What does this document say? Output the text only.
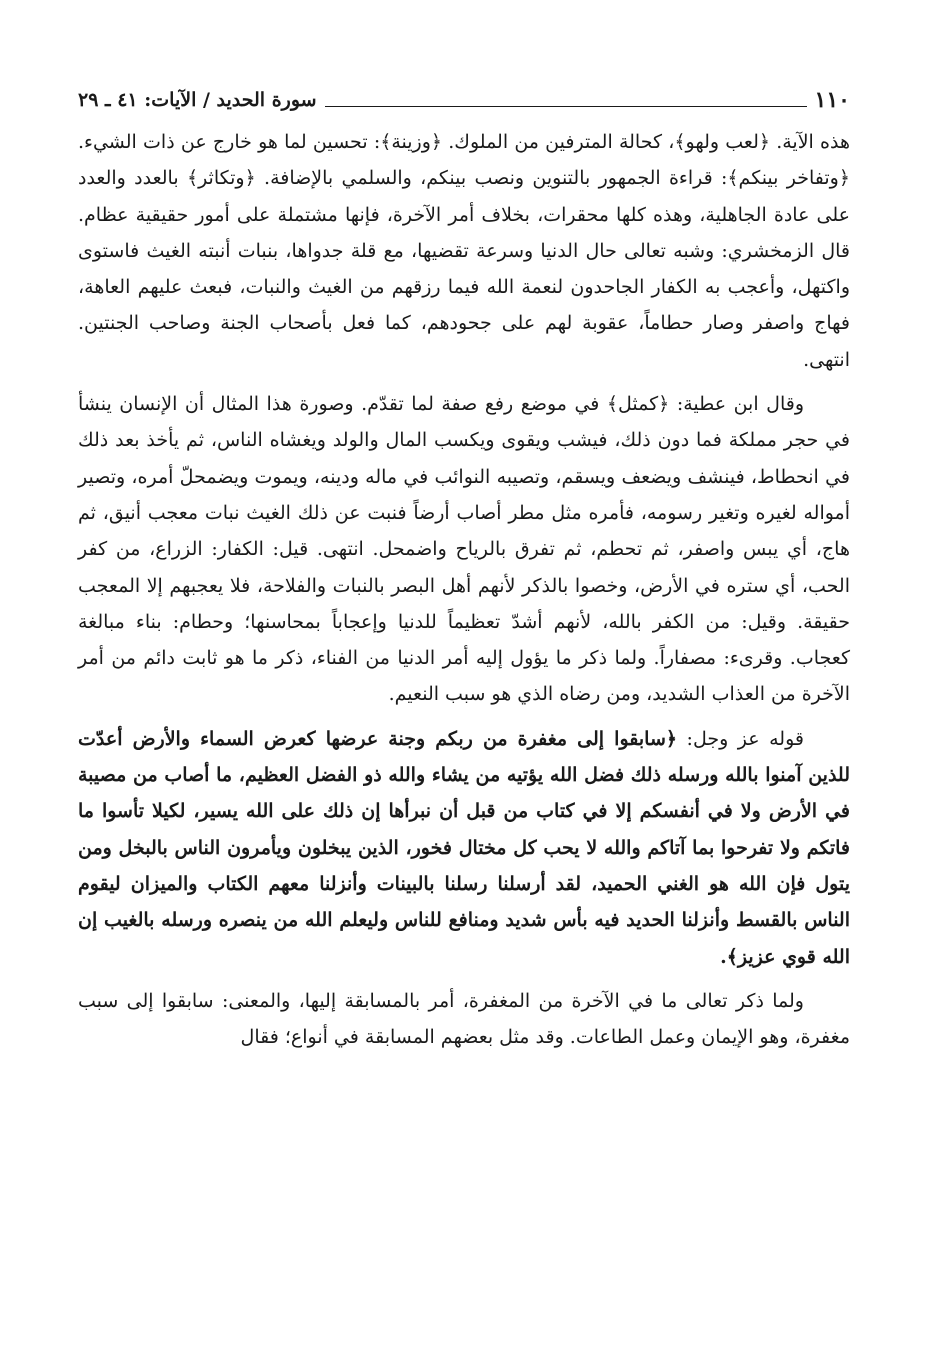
١١٠
سورة الحديد / الآيات: ٤١ ـ ٢٩

هذه الآية. ﴿لعب ولهو﴾، كحالة المترفين من الملوك. ﴿وزينة﴾: تحسين لما هو خارج عن ذات الشيء. ﴿وتفاخر بينكم﴾: قراءة الجمهور بالتنوين ونصب بينكم، والسلمي بالإضافة. ﴿وتكاثر﴾ بالعدد والعدد على عادة الجاهلية، وهذه كلها محقرات، بخلاف أمر الآخرة، فإنها مشتملة على أمور حقيقية عظام. قال الزمخشري: وشبه تعالى حال الدنيا وسرعة تقضيها، مع قلة جدواها، بنبات أنبته الغيث فاستوى واكتهل، وأعجب به الكفار الجاحدون لنعمة الله فيما رزقهم من الغيث والنبات، فبعث عليهم العاهة، فهاج واصفر وصار حطاماً، عقوبة لهم على جحودهم، كما فعل بأصحاب الجنة وصاحب الجنتين. انتهى.

وقال ابن عطية: ﴿كمثل﴾ في موضع رفع صفة لما تقدّم. وصورة هذا المثال أن الإنسان ينشأ في حجر مملكة فما دون ذلك، فيشب ويقوى ويكسب المال والولد ويغشاه الناس، ثم يأخذ بعد ذلك في انحطاط، فينشف ويضعف ويسقم، وتصيبه النوائب في ماله ودينه، ويموت ويضمحلّ أمره، وتصير أمواله لغيره وتغير رسومه، فأمره مثل مطر أصاب أرضاً فنبت عن ذلك الغيث نبات معجب أنيق، ثم هاج، أي يبس واصفر، ثم تحطم، ثم تفرق بالرياح واضمحل. انتهى. قيل: الكفار: الزراع، من كفر الحب، أي ستره في الأرض، وخصوا بالذكر لأنهم أهل البصر بالنبات والفلاحة، فلا يعجبهم إلا المعجب حقيقة. وقيل: من الكفر بالله، لأنهم أشدّ تعظيماً للدنيا وإعجاباً بمحاسنها؛ وحطام: بناء مبالغة كعجاب. وقرىء: مصفاراً. ولما ذكر ما يؤول إليه أمر الدنيا من الفناء، ذكر ما هو ثابت دائم من أمر الآخرة من العذاب الشديد، ومن رضاه الذي هو سبب النعيم.

قوله عز وجل: ﴿سابقوا إلى مغفرة من ربكم وجنة عرضها كعرض السماء والأرض أعدّت للذين آمنوا بالله ورسله ذلك فضل الله يؤتيه من يشاء والله ذو الفضل العظيم، ما أصاب من مصيبة في الأرض ولا في أنفسكم إلا في كتاب من قبل أن نبرأها إن ذلك على الله يسير، لكيلا تأسوا ما فاتكم ولا تفرحوا بما آتاكم والله لا يحب كل مختال فخور، الذين يبخلون ويأمرون الناس بالبخل ومن يتول فإن الله هو الغني الحميد، لقد أرسلنا رسلنا بالبينات وأنزلنا معهم الكتاب والميزان ليقوم الناس بالقسط وأنزلنا الحديد فيه بأس شديد ومنافع للناس وليعلم الله من ينصره ورسله بالغيب إن الله قوي عزيز﴾.

ولما ذكر تعالى ما في الآخرة من المغفرة، أمر بالمسابقة إليها، والمعنى: سابقوا إلى سبب مغفرة، وهو الإيمان وعمل الطاعات. وقد مثل بعضهم المسابقة في أنواع؛ فقال
